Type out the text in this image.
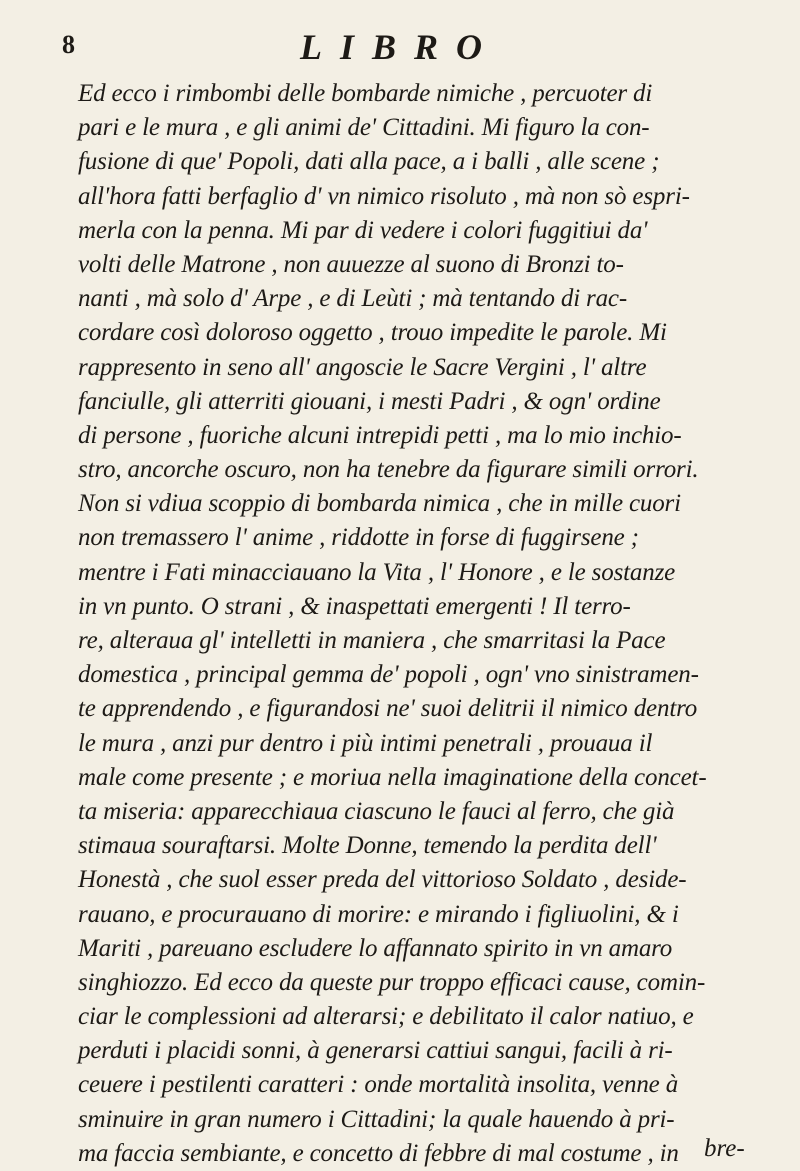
8	LIBRO
Ed ecco i rimbombi delle bombarde nimiche , percuoter di
pari e le mura , e gli animi de' Cittadini. Mi figuro la con-
fusione di que' Popoli, dati alla pace, a i balli , alle scene ;
all'hora fatti berfaglio d' vn nimico risoluto , mà non sò espri-
merla con la penna. Mi par di vedere i colori fuggitiui da'
volti delle Matrone , non auuezze al suono di Bronzi to-
nanti , mà solo d' Arpe , e di Leùti ; mà tentando di rac-
cordare così doloroso oggetto , trouo impedite le parole. Mi
rappresento in seno all' angoscie le Sacre Vergini , l' altre
fanciulle, gli atterriti giouani, i mesti Padri , & ogn' ordine
di persone , fuoriche alcuni intrepidi petti , ma lo mio inchio-
stro, ancorche oscuro, non ha tenebre da figurare simili orrori.
Non si vdiua scoppio di bombarda nimica , che in mille cuori
non tremassero l' anime , riddotte in forse di fuggirsene ;
mentre i Fati minacciauano la Vita , l' Honore , e le sostanze
in vn punto. O strani , & inaspettati emergenti ! Il terro-
re, alteraua gl' intelletti in maniera , che smarritasi la Pace
domestica , principal gemma de' popoli , ogn' vno sinistramen-
te apprendendo , e figurandosi ne' suoi delitrii il nimico dentro
le mura , anzi pur dentro i più intimi penetrali , prouaua il
male come presente ; e moriua nella imaginatione della concet-
ta miseria: apparecchiaua ciascuno le fauci al ferro, che già
stimaua souraftarsi. Molte Donne, temendo la perdita dell'
Honestà , che suol esser preda del vittorioso Soldato , deside-
rauano, e procurauano di morire: e mirando i figliuolini, & i
Mariti , pareuano escludere lo affannato spirito in vn amaro
singhiozzo. Ed ecco da queste pur troppo efficaci cause, comin-
ciar le complessioni ad alterarsi; e debilitato il calor natiuo, e
perduti i placidi sonni, à generarsi cattiui sangui, facili à ri-
ceuere i pestilenti caratteri : onde mortalità insolita, venne à
sminuire in gran numero i Cittadini; la quale hauendo à pri-
ma faccia sembiante, e concetto di febbre di mal costume , in	bre-
